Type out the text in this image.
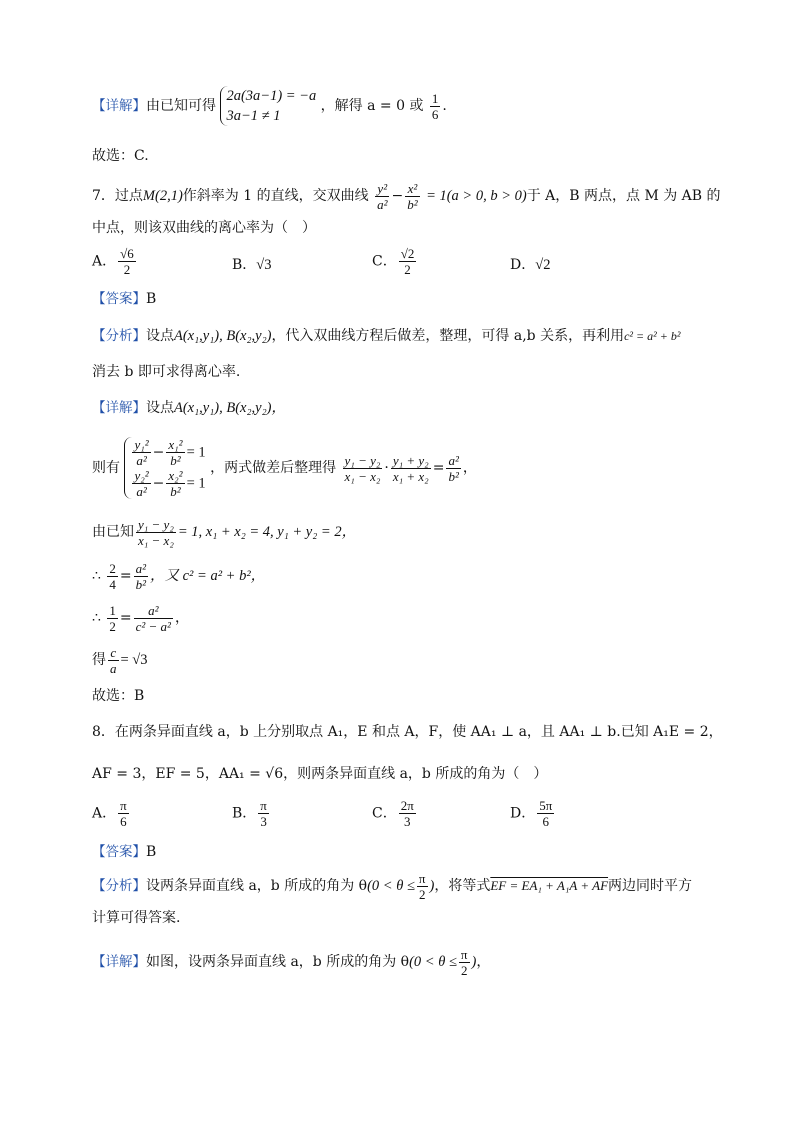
【详解】由已知可得
2a(3a−1) = −a
3a−1 ≠ 1
，解得 a = 0 或 $\frac{1}{6}$ .
故选：C.
7．过点M(2,1)作斜率为 1 的直线，交双曲线 $\frac{\text{y²}}{\text{a²}} - \frac{\text{x²}}{\text{b²}} = 1(a > 0$, b > 0)于 A，B 两点，点 M 为 AB 的
中点，则该双曲线的离心率为（　）
A． $\frac{√6}{2}$	B．√3	C． $\frac{√2}{2}$	D．√2
【答案】B
【分析】设点A(x₁,y₁), B(x₂,y₂)，代入双曲线方程后做差，整理，可得 a,b 关系，再利用c² = a² + b²
消去 b 即可求得离心率.
【详解】设点A(x₁,y₁), B(x₂,y₂)，
则有 $\frac{\text{y₁²}}{\text{a²}} - \frac{\text{x₁²}}{\text{b²}} = 1$
$\frac{\text{y₂²}}{\text{a²}} - \frac{\text{x₂²}}{\text{b²}} = 1$
，两式做差后整理得 $\frac{\text{y₁ − y₂}}{\text{x₁ − x₂}} \cdot \frac{\text{y₁ + y₂}}{\text{x₁ + x₂}} = \frac{\text{a²}}{\text{b²}}$ ，
由已知 $\frac{\text{y₁ − y₂}}{\text{x₁ − x₂}} = 1$, x₁ + x₂ = 4, y₁ + y₂ = 2，
∴ $\frac{2}{4} = \frac{\text{a²}}{\text{b²}}$ ，又 c² = a² + b²，
∴ $\frac{1}{2} = \frac{\text{a²}}{\text{c² − a²}}$ ，
得 $\frac{c}{a} = √3$
故选：B
8．在两条异面直线 a，b 上分别取点 A₁，E 和点 A，F，使 AA₁ ⊥ a，且 AA₁ ⊥ b.已知 A₁E = 2，
AF = 3，EF = 5，AA₁ = √6，则两条异面直线 a，b 所成的角为（　）
A． $\frac{\pi}{6}$	B． $\frac{\pi}{3}$	C． $\frac{2\pi}{3}$	D． $\frac{5\pi}{6}$
【答案】B
【分析】设两条异面直线 a，b 所成的角为 $\theta(0 < \theta \le \frac{\pi}{2}$ )，将等式EF = EA₁ + A₁A + AF两边同时平方
计算可得答案.
【详解】如图，设两条异面直线 a，b 所成的角为 $\theta(0 < \theta \le \frac{\pi}{2}$ )，
